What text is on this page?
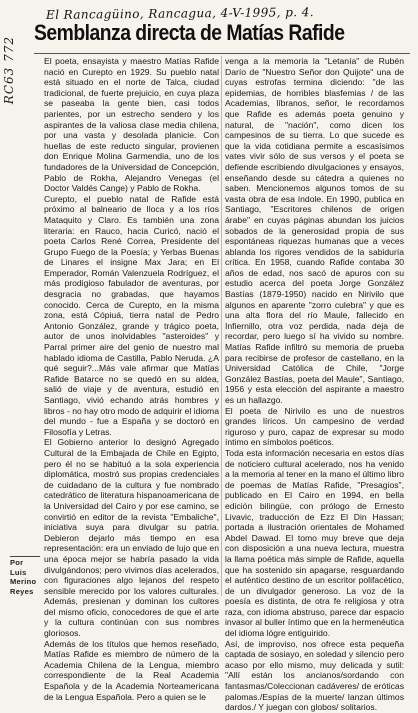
El Rancagüino, Rancagua, 4-V-1995, p. 4.
RC63 772
Semblanza directa de Matías Rafide

El poeta, ensayista y maestro Matías Rafide nació en Curepto en 1929. Su pueblo natal está situado en el norte de Talca, ciudad tradicional, de fuerte prejuicio, en cuya plaza se paseaba la gente bien, casi todos parientes, por un estrecho sendero y los aspirantes de la valiosa clase media chilena, por una vasta y desolada planicie. Con huellas de este reducto singular, provienen don Enrique Molina Garmendia, uno de los fundadores de la Universidad de Concepción, Pablo de Rokha, Alejandro Venegas (el Doctor Valdés Cange) y Pablo de Rokha.

Curepto, el pueblo natal de Rafide está próximo al balneario de Iloca y a los ríos Mataquito y Claro. Es también una zona literaria: en Rauco, hacia Curicó, nació el poeta Carlos René Correa, Presidente del Grupo Fuego de la Poesía; y Yerbas Buenas de Linares el insigne Max Jara; en El Emperador, Román Valenzuela Rodríguez, el más prodigioso fabulador de aventuras, por desgracia no grabadas, que hayamos conocido. Cerca de Curepto, en la misma zona, está Cópiuá, tierra natal de Pedro Antonio González, grande y trágico poeta, autor de unos inolvidables "asteroides" y Parral primer aire del genio de nuestro mal hablado idioma de Castilla, Pablo Neruda. ¿A qué seguir?...Más vale afirmar que Matías Rafide Batarce no se quedó en su aldea, salió de viaje y de aventura, estudió en Santiago, vivió echando atrás hombres y libros - no hay otro modo de adquirir el idioma del mundo - fue a España y se doctoró en Filosofía y Letras.

El Gobierno anterior lo designó Agregado Cultural de la Embajada de Chile en Egipto, pero él no se habituó a la sola experiencia diplomática, mostró sus propias credenciales de cuidadano de la cultura y fue nombrado catedrático de literatura hispanoamericana de la Universidad del Cairo y por ese camino, se convirtió en editor de la revista "Embaliche", iniciativa suya para divulgar su patria. Debieron dejarlo más tiempo en esa representación: era un enviado de lujo que en una época mejor se habría pasado la vida divulgándonos; pero vivimos días acelerados, con figuraciones algo lejanos del respeto sensible merecido por los valores culturales. Además, presienan y dominan los cultores del mismo oficio, conocedores de que el arte y la cultura continúan con sus nombres gloriosos.

Además de los títulos que hemos reseñado, Matías Rafide es miembro de número de la Academia Chilena de la Lengua, miembro correspondiente de la Real Academia Española y de la Academia Norteamericana de la Lengua Española. Pero a quien se le

venga a la memoria la "Letanía" de Rubén Darío de "Nuestro Señor don Quijote" una de cuyas estrofas termina diciendo: "de las epidemias, de horribles blasfemias / de las Academias, líbranos, señor, le recordamos que Rafide es además poeta genuino y natural, de "nación", como dicen los campesinos de su tierra. Lo que sucede es que la vida cotidiana permite a escasísimos vates vivir sólo de sus versos y el poeta se defiende escribiendo divulgaciones y ensayos, enseñando desde su cátedra a quienes no saben. Mencionemos algunos tomos de su vasta obra de esa índole. En 1990, publica en Santiago, "Escritores chilenos de origen árabe" en cuyas páginas abundan los juicios sobados de la generosidad propia de sus espontáneas riquezas humanas que a veces ablanda los rigores vendidos de la sabiduría crítica. En 1958, cuando Rafide contaba 30 años de edad, nos sacó de apuros con su estudio acerca del poeta Jorge González Bastías (1879-1950) nacido en Nirivilo que algunos en aparente "zorro culebra" y que es una alta flora del río Maule, fallecido en Infiernillo, otra voz perdida, nada deja de recordar, pero luego sí ha vivido su nombre. Matías Rafide infiltró su memoria de prueba para recibirse de profesor de castellano, en la Universidad Católica de Chile, "Jorge González Bastías, poeta del Maule", Santiago, 1956 y esta elección del aspirante a maestro es un hallazgo.

El poeta de Nirivilo es uno de nuestros grandes líricos. Un campesino de verdad riguroso y puro, capaz de expresar su modo íntimo en símbolos poéticos.

Toda esta información necesaria en estos días de noticiero cultural acelerado, nos ha venido a la memoria al tener en la mano el último libro de poemas de Matías Rafide, "Presagios", publicado en El Cairo en 1994, en bella edición bilingüe, con prólogo de Ernesto Livavic, traducción de Ezz El Din Hassan; portada a ilustración orientales de Mohamed Abdel Dawad. El tomo muy breve que deja con disposición a una nueva lectura, muestra la llama poética más simple de Rafide, aquella que ha sostenido sin apagarse, resguardando el auténtico destino de un escritor polifacético, de un divulgador generoso. La voz de la poesía es distinta, de otra fe religiosa y otra raza, con idioma abstruso, parece dar espacio invasor al buller íntimo que en la hermenéutica del idioma lógre entiguirido.

Así, de improviso, nos ofrece esta pequeña captada de sosiayo, en soledad y silencio pero acaso por ello mismo, muy delicada y sutil: "Allí están los ancianos/sordando con fantasmas/Coleccionan cadáveres/ de eróticas palomas./Espías de la muerte/ lanzan últimos dardos./ Y juegan con globos/ solitarios.

Por Luis
Merino
Reyes
